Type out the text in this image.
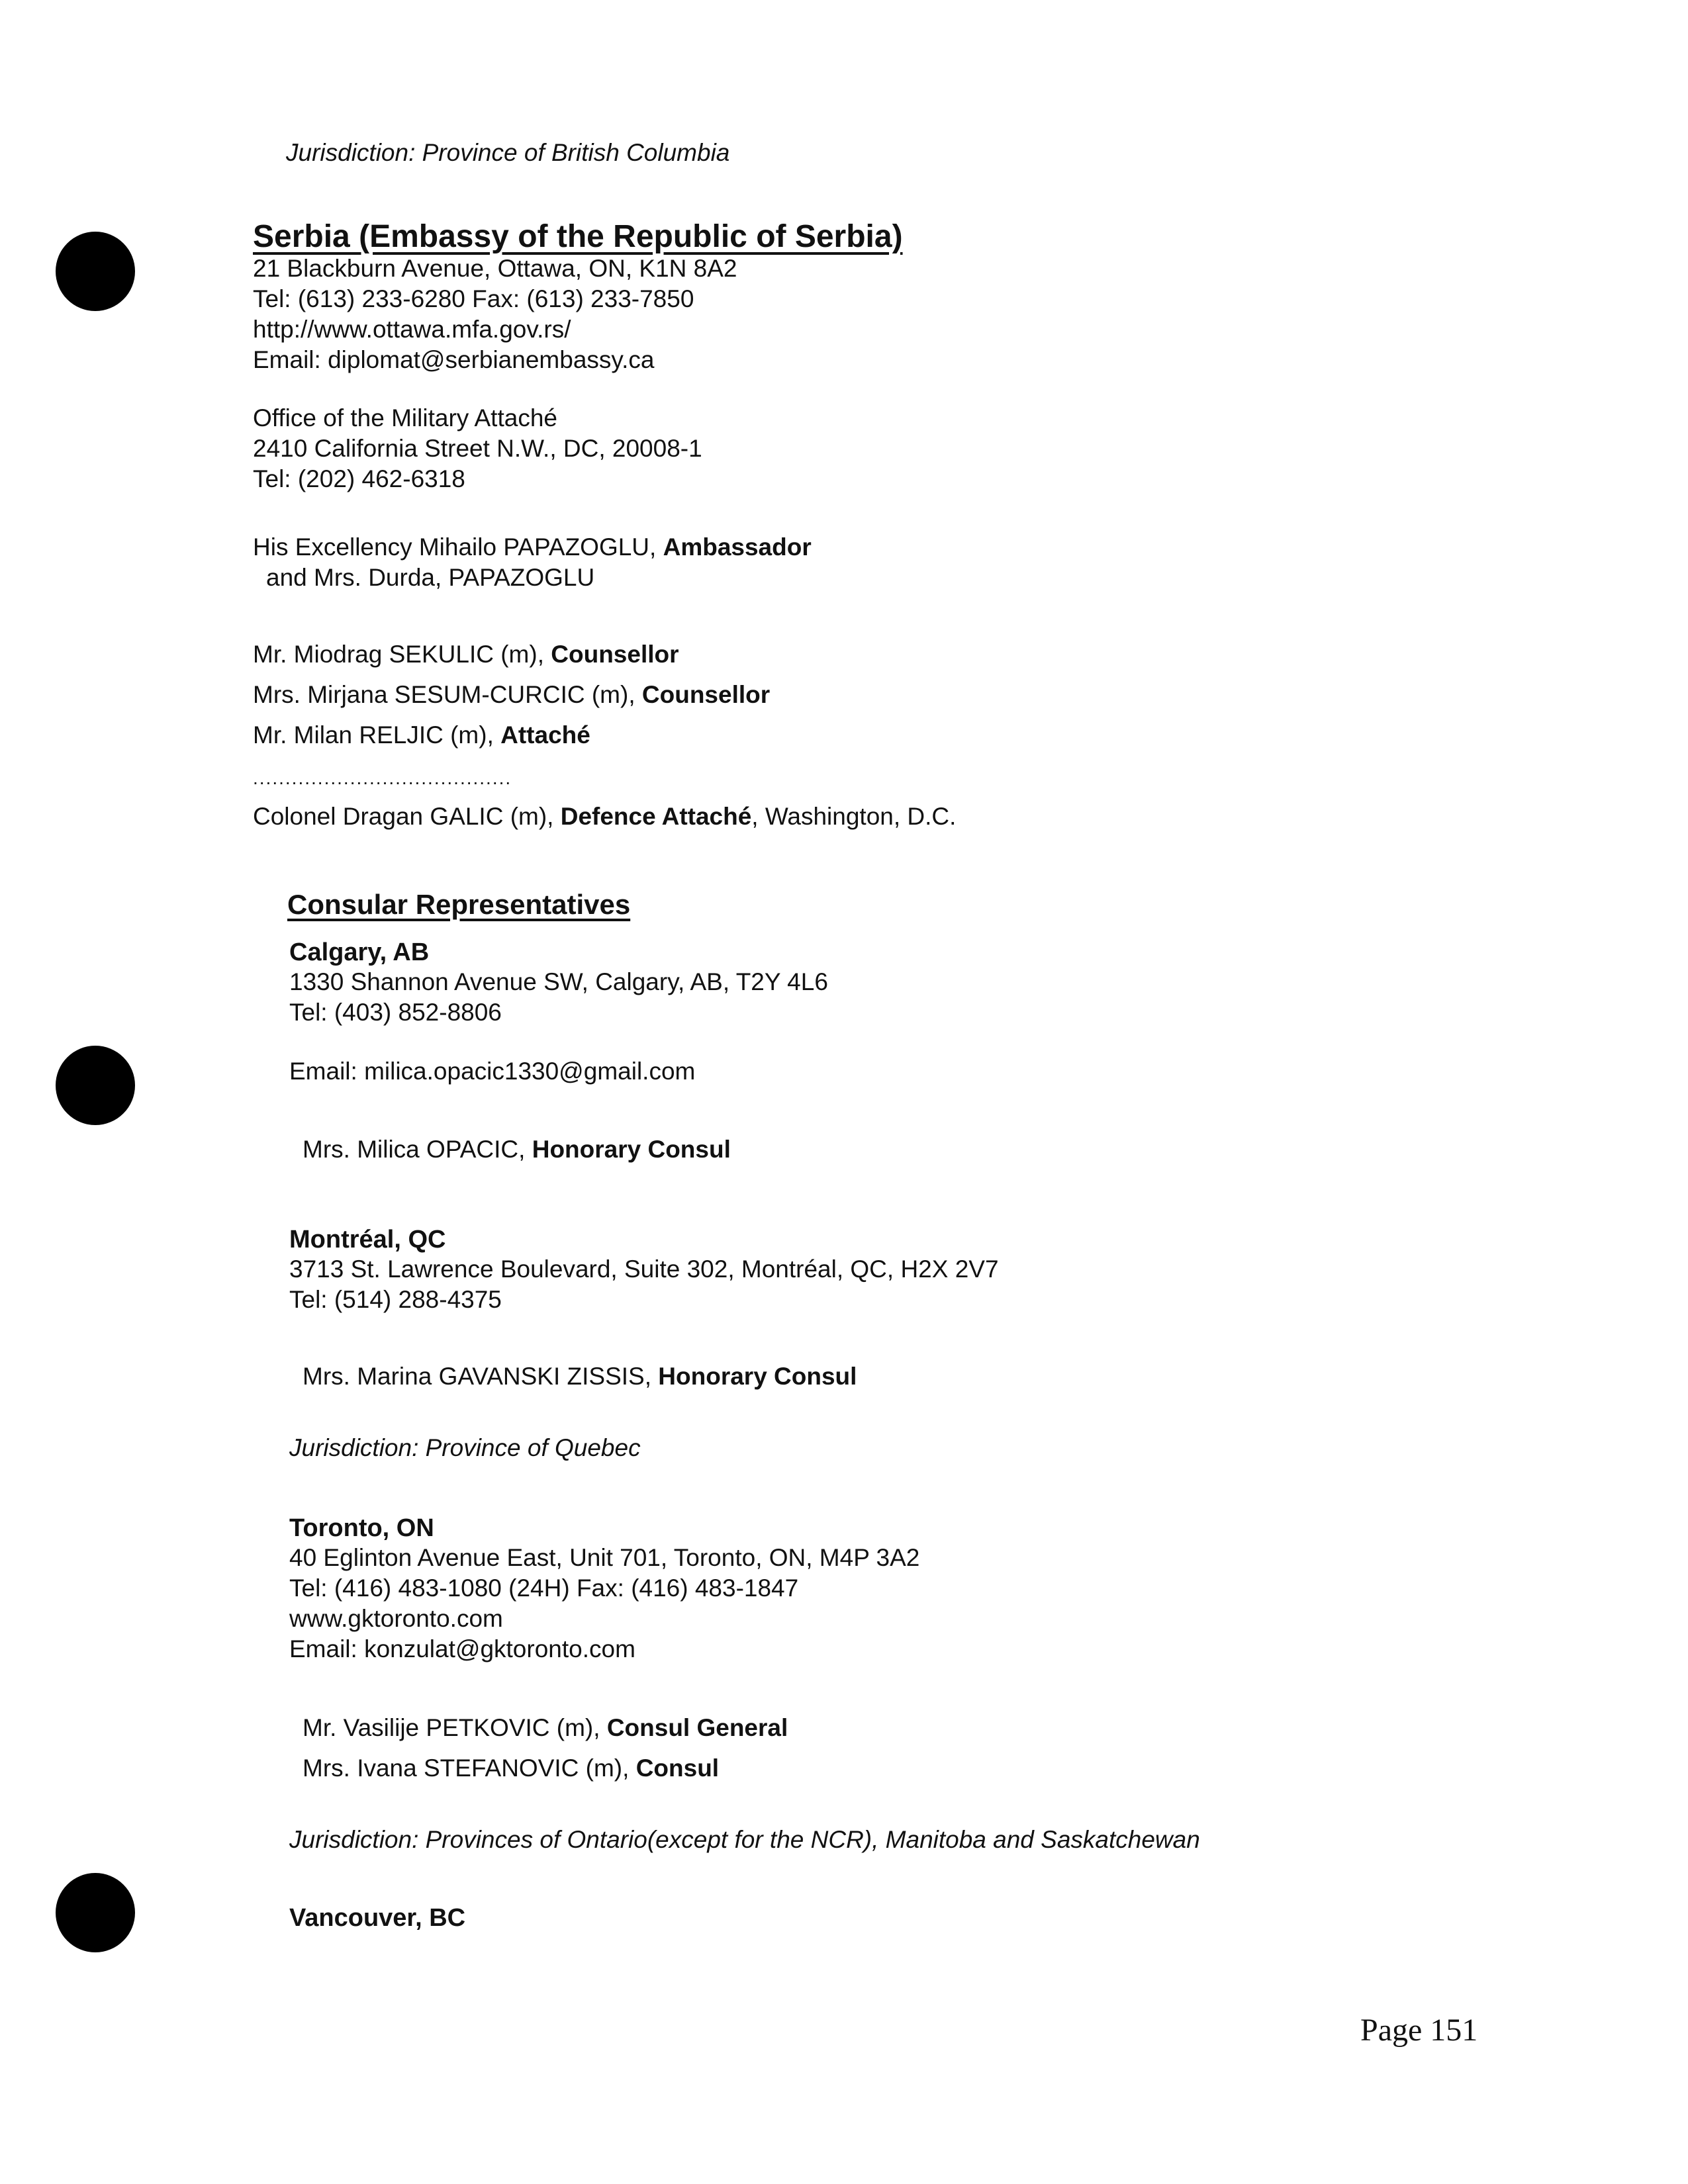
Jurisdiction: Province of British Columbia
Serbia (Embassy of the Republic of Serbia)
21 Blackburn Avenue, Ottawa, ON, K1N 8A2
Tel: (613) 233-6280 Fax: (613) 233-7850
http://www.ottawa.mfa.gov.rs/
Email: diplomat@serbianembassy.ca
Office of the Military Attaché
2410 California Street N.W., DC, 20008-1
Tel: (202) 462-6318
His Excellency Mihailo PAPAZOGLU, Ambassador
and Mrs. Durda, PAPAZOGLU
Mr. Miodrag SEKULIC (m), Counsellor
Mrs. Mirjana SESUM-CURCIC (m), Counsellor
Mr. Milan RELJIC (m), Attaché
........................................
Colonel Dragan GALIC (m), Defence Attaché, Washington, D.C.
Consular Representatives
Calgary, AB
1330 Shannon Avenue SW, Calgary, AB, T2Y 4L6
Tel: (403) 852-8806
Email: milica.opacic1330@gmail.com
Mrs. Milica OPACIC, Honorary Consul
Montréal, QC
3713 St. Lawrence Boulevard, Suite 302, Montréal, QC, H2X 2V7
Tel: (514) 288-4375
Mrs. Marina GAVANSKI ZISSIS, Honorary Consul
Jurisdiction: Province of Quebec
Toronto, ON
40 Eglinton Avenue East, Unit 701, Toronto, ON, M4P 3A2
Tel: (416) 483-1080 (24H) Fax: (416) 483-1847
www.gktoronto.com
Email: konzulat@gktoronto.com
Mr. Vasilije PETKOVIC (m), Consul General
Mrs. Ivana STEFANOVIC (m), Consul
Jurisdiction: Provinces of Ontario(except for the NCR), Manitoba and Saskatchewan
Vancouver, BC
Page 151
